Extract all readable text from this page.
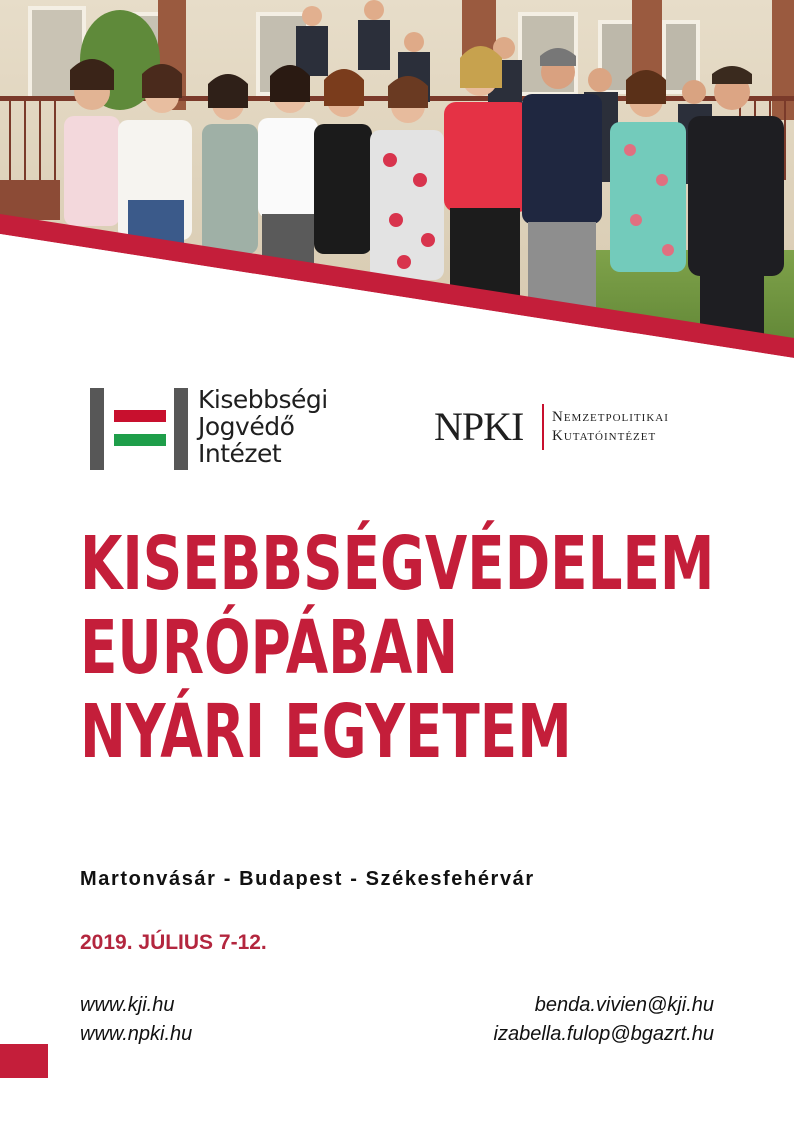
Kisebbségi
Jogvédő
Intézet
NPKI Nemzetpolitikai
Kutatóintézet
KISEBBSÉGVÉDELEM
EURÓPÁBAN
NYÁRI EGYETEM
Martonvásár - Budapest - Székesfehérvár
2019. JÚLIUS 7-12.
www.kji.hu
www.npki.hu
benda.vivien@kji.hu
izabella.fulop@bgazrt.hu
